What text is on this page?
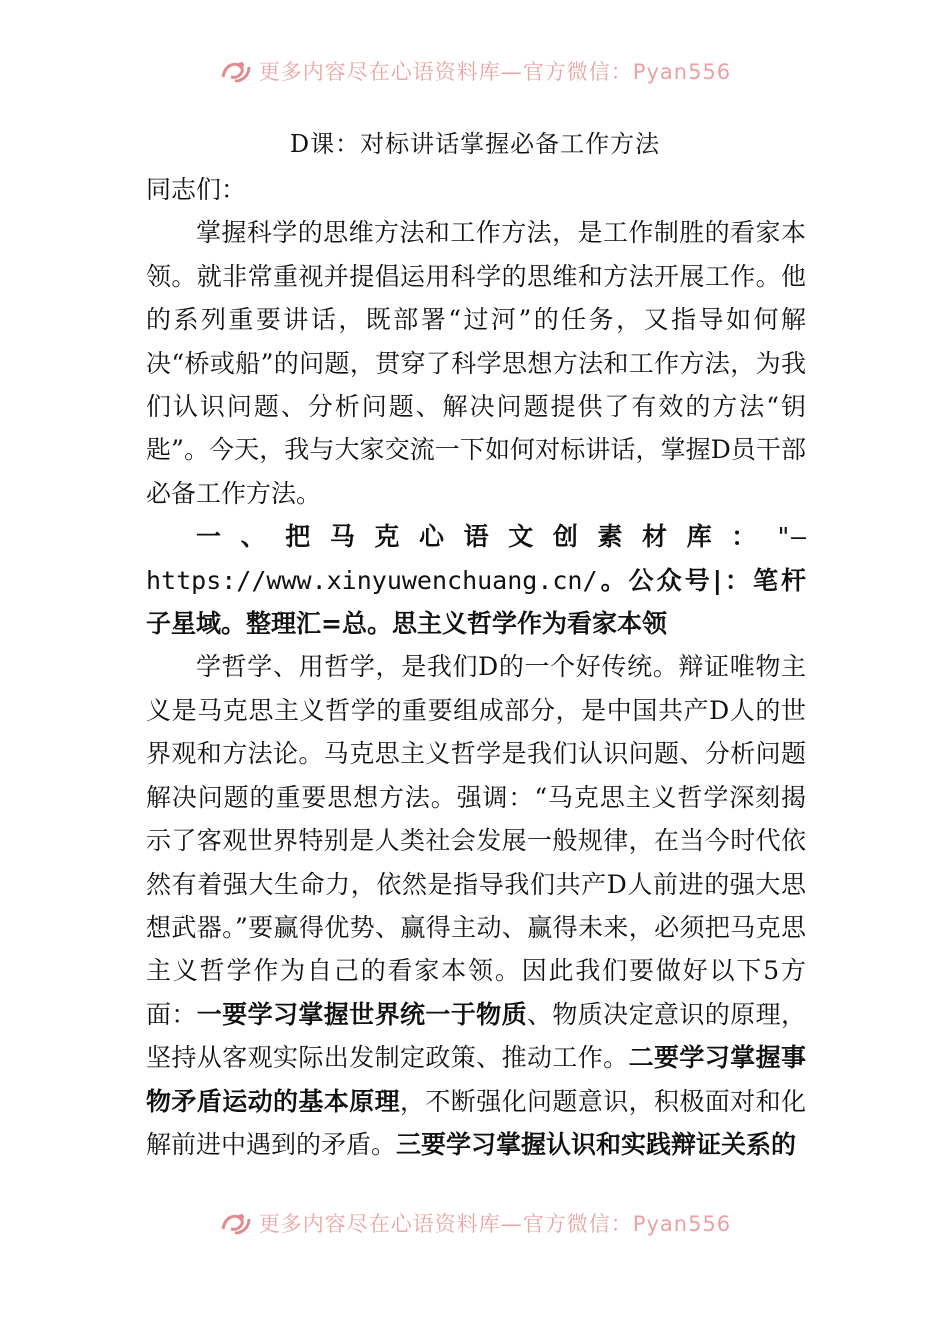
更多内容尽在心语资料库—官方微信：Pyan556
D课：对标讲话掌握必备工作方法

同志们：

掌握科学的思维方法和工作方法，是工作制胜的看家本领。就非常重视并提倡运用科学的思维和方法开展工作。他的系列重要讲话，既部署“过河”的任务，又指导如何解决“桥或船”的问题，贯穿了科学思想方法和工作方法，为我们认识问题、分析问题、解决问题提供了有效的方法“钥匙”。今天，我与大家交流一下如何对标讲话，掌握D员干部必备工作方法。

一、把马克心语文创素材库："—https://www.xinyuwenchuang.cn/。公众号|：笔杆子星域。整理汇=总。思主义哲学作为看家本领

学哲学、用哲学，是我们D的一个好传统。辩证唯物主义是马克思主义哲学的重要组成部分，是中国共产D人的世界观和方法论。马克思主义哲学是我们认识问题、分析问题解决问题的重要思想方法。强调：“马克思主义哲学深刻揭示了客观世界特别是人类社会发展一般规律，在当今时代依然有着强大生命力，依然是指导我们共产D人前进的强大思想武器。”要赢得优势、赢得主动、赢得未来，必须把马克思主义哲学作为自己的看家本领。因此我们要做好以下5方面：一要学习掌握世界统一于物质、物质决定意识的原理，坚持从客观实际出发制定政策、推动工作。二要学习掌握事物矛盾运动的基本原理，不断强化问题意识，积极面对和化解前进中遇到的矛盾。三要学习掌握认识和实践辩证关系的

更多内容尽在心语资料库—官方微信：Pyan556
